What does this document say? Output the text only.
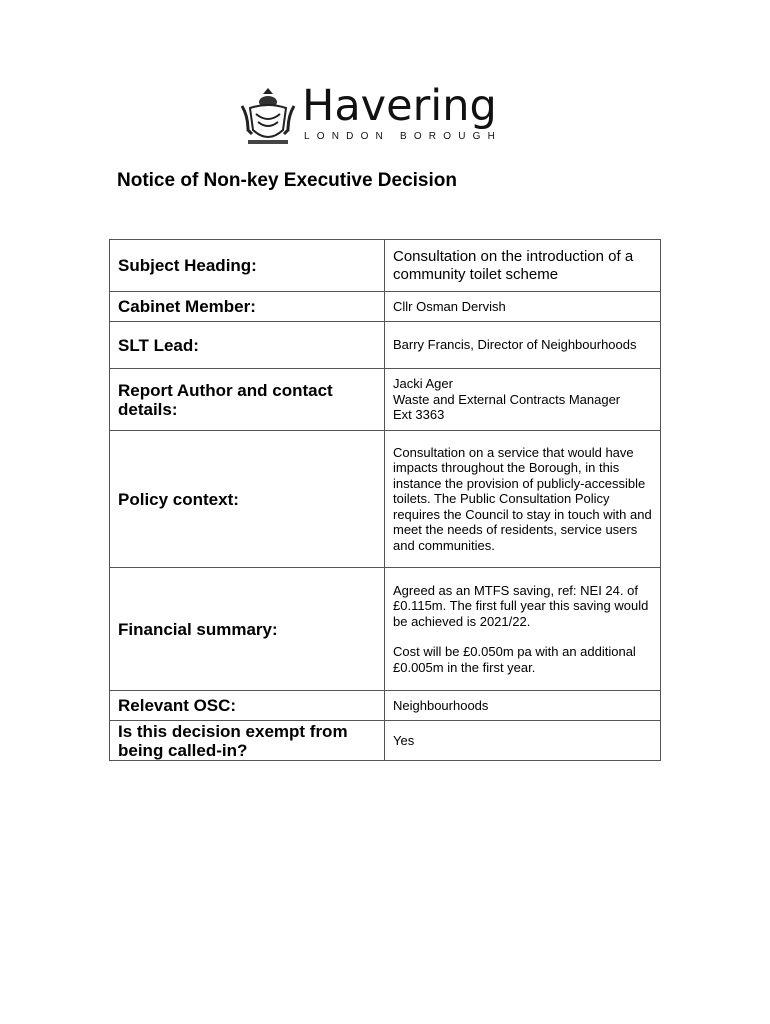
Havering
LONDON BOROUGH
Notice of Non-key Executive Decision
Subject Heading:	Consultation on the introduction of a community toilet scheme
Cabinet Member:	Cllr Osman Dervish
SLT Lead:	Barry Francis, Director of Neighbourhoods
Report Author and contact details:	Jacki Ager
Waste and External Contracts Manager
Ext 3363

Policy context:	Consultation on a service that would have impacts throughout the Borough, in this instance the provision of publicly-accessible toilets. The Public Consultation Policy requires the Council to stay in touch with and meet the needs of residents, service users and communities.
Financial summary:	Agreed as an MTFS saving, ref: NEI 24. of £0.115m. The first full year this saving would be achieved is 2021/22.
Cost will be £0.050m pa with an additional £0.005m in the first year.

Relevant OSC:	Neighbourhoods
Is this decision exempt from being called-in?	Yes
